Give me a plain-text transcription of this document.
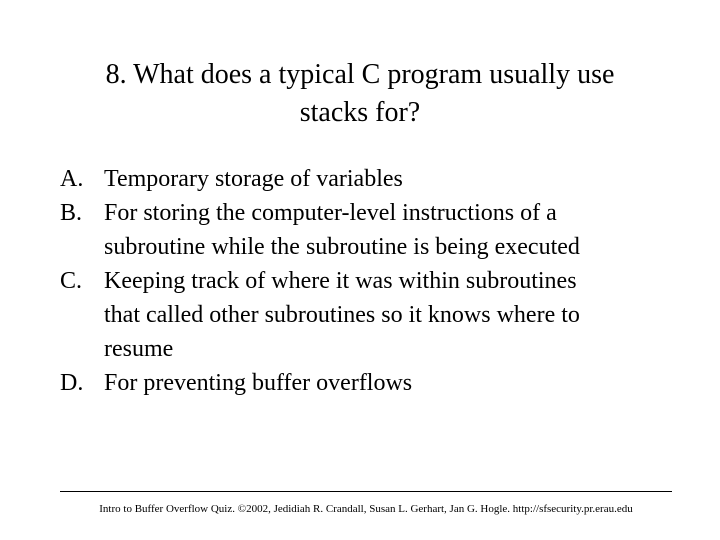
8. What does a typical C program usually use
stacks for?
A. Temporary storage of variables
B. For storing the computer-level instructions of a
subroutine while the subroutine is being executed
C. Keeping track of where it was within subroutines
that called other subroutines so it knows where to
resume
D. For preventing buffer overflows
Intro to Buffer Overflow Quiz. ©2002, Jedidiah R. Crandall, Susan L. Gerhart, Jan G. Hogle. http://sfsecurity.pr.erau.edu
